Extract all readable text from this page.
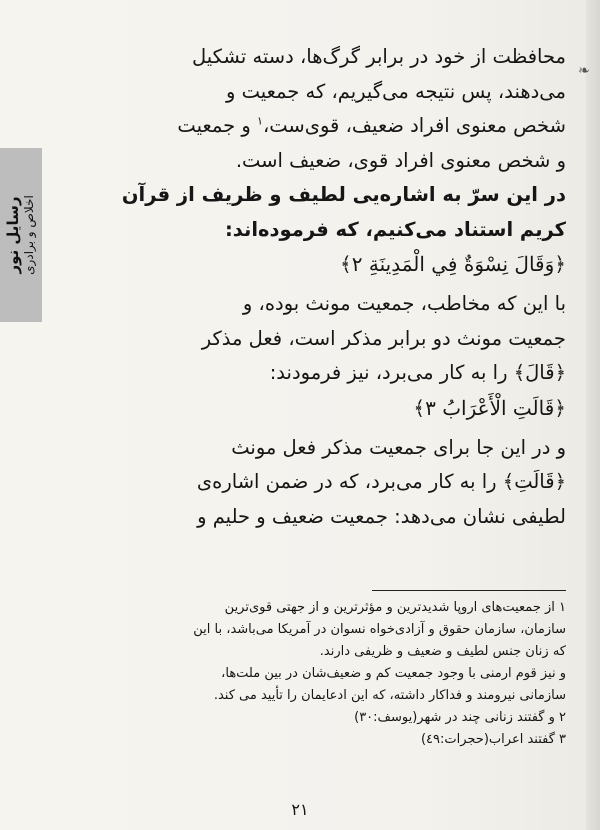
❧
رسایل نور اخلاص و برادری
محافظت از خود در برابر گرگ‌ها، دسته تشکیل
می‌دهند، پس نتیجه می‌گیریم، که جمعیت و
شخص معنوی افراد ضعیف، قوی‌ست،$^١$ و جمعیت
و شخص معنوی افراد قوی، ضعیف است.
در این سرّ به اشاره‌یی لطیف و ظریف از قرآن
کریم استناد می‌کنیم، که فرموده‌اند:
﴿وَقَالَ نِسْوَةٌ فِي الْمَدِينَةِ ٢﴾
با این که مخاطب، جمعیت مونث بوده، و
جمعیت مونث دو برابر مذکر است، فعل مذکر
﴿قَالَ﴾ را به کار می‌برد، نیز فرمودند:
﴿قَالَتِ الْأَعْرَابُ ٣﴾
و در این جا برای جمعیت مذکر فعل مونث
﴿قَالَتِ﴾ را به کار می‌برد، که در ضمن اشاره‌ی
لطیفی نشان می‌دهد: جمعیت ضعیف و حلیم و
١ از جمعیت‌های اروپا شدیدترین و مؤثرترین و از جهتی قوی‌ترین
سازمان، سازمان حقوق و آزادی‌خواه نسوان در آمریکا می‌باشد، با این
که زنان جنس لطیف و ضعیف و ظریفی دارند.
و نیز قوم ارمنی با وجود جمعیت کم و ضعیف‌شان در بین ملت‌ها،
سازمانی نیرومند و فداکار داشته، که این ادعایمان را تأیید می کند.
٢ و گفتند زنانی چند در شهر(یوسف:٣٠)
٣ گفتند اعراب(حجرات:٤٩)
٢١
